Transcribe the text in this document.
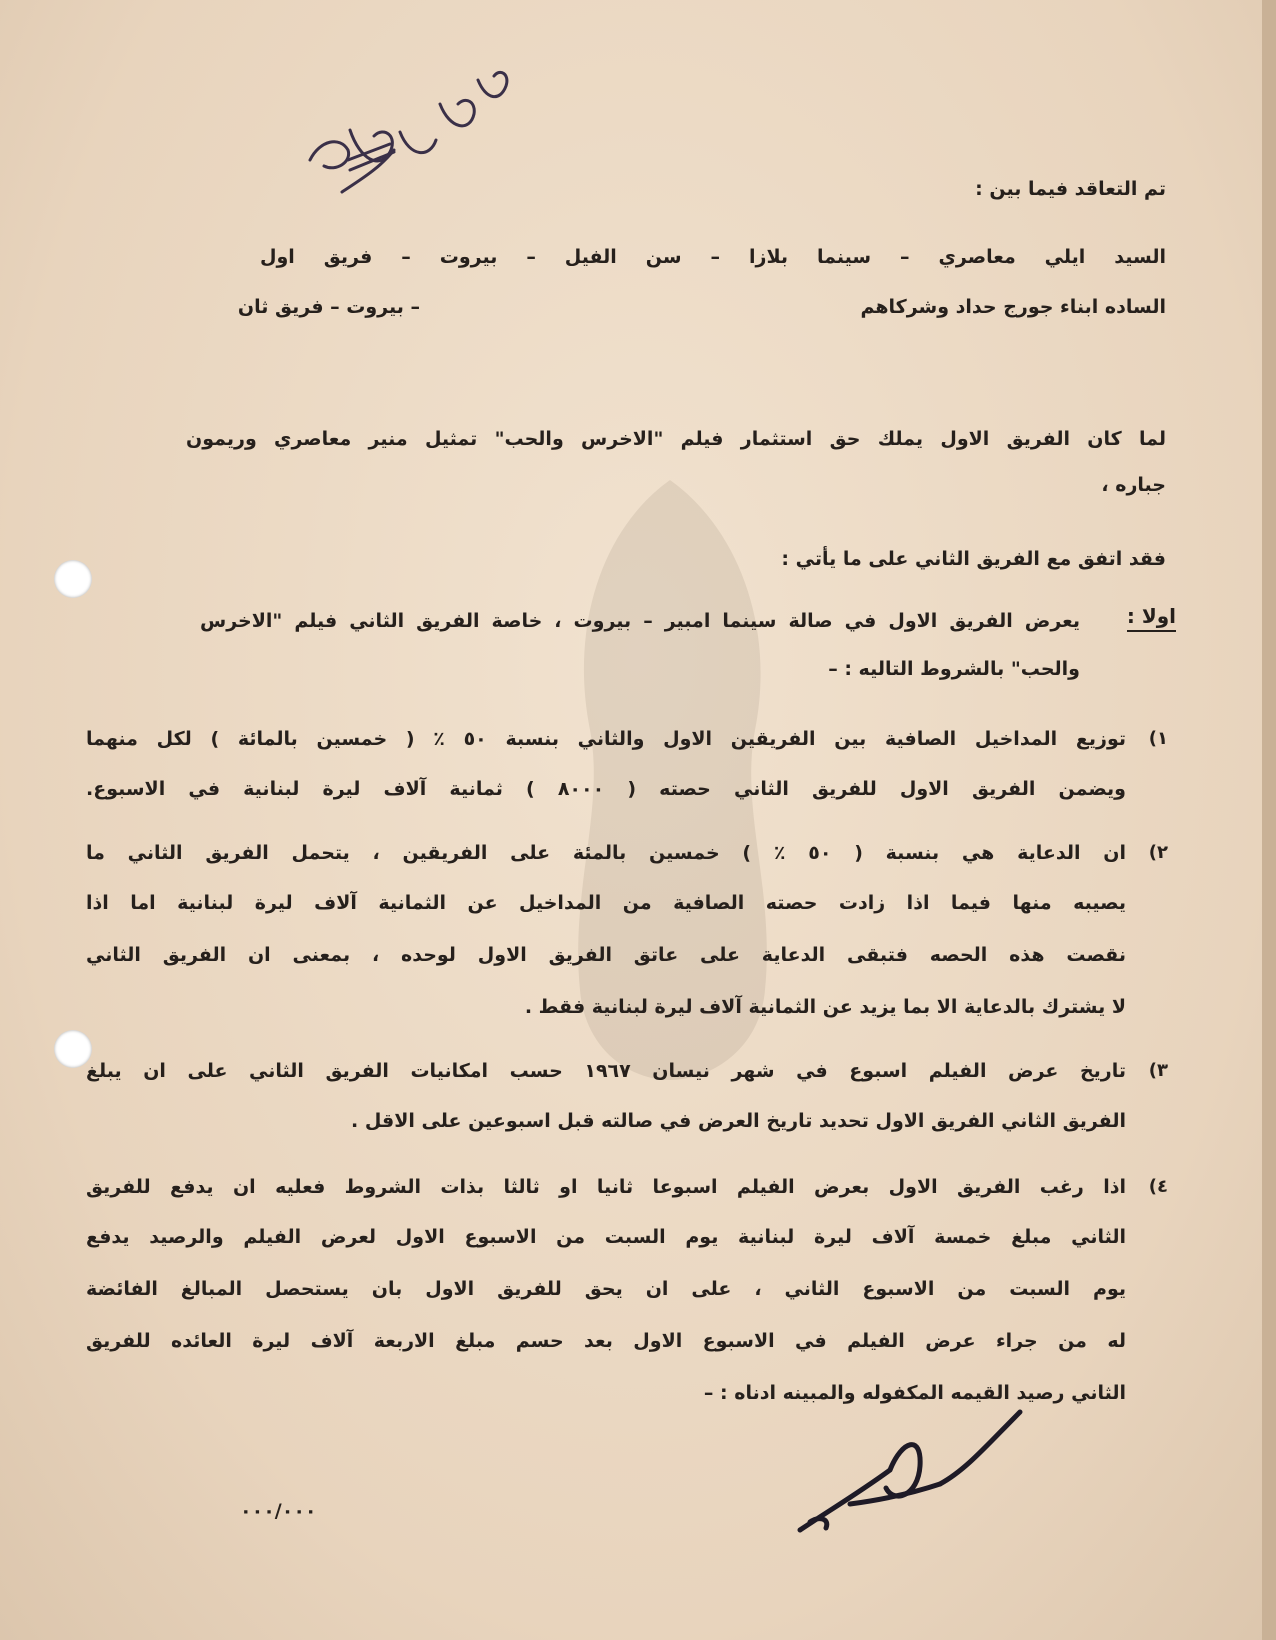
تم التعاقد فيما بين :
السيد ايلي معاصري – سينما بلازا – سن الفيل – بيروت – فريق اول
الساده ابناء جورج حداد وشركاهم
– بيروت – فريق ثان
لما كان الفريق الاول يملك حق استثمار فيلم "الاخرس والحب" تمثيل منير معاصري وريمون
جباره ،
فقد اتفق مع الفريق الثاني على ما يأتي :
اولا :
يعرض الفريق الاول في صالة سينما امبير – بيروت ، خاصة الفريق الثاني فيلم "الاخرس
والحب" بالشروط التاليه : –
١)
توزيع المداخيل الصافية بين الفريقين الاول والثاني بنسبة ٥٠ ٪ ( خمسين بالمائة ) لكل منهما
ويضمن الفريق الاول للفريق الثاني حصته ( ٨٠٠٠ ) ثمانية آلاف ليرة لبنانية في الاسبوع.
٢)
ان الدعاية هي بنسبة ( ٥٠ ٪ ) خمسين بالمئة على الفريقين ، يتحمل الفريق الثاني ما
يصيبه منها فيما اذا زادت حصته الصافية من المداخيل عن الثمانية آلاف ليرة لبنانية اما اذا
نقصت هذه الحصه فتبقى الدعاية على عاتق الفريق الاول لوحده ، بمعنى ان الفريق الثاني
لا يشترك بالدعاية الا بما يزيد عن الثمانية آلاف ليرة لبنانية فقط .
٣)
تاريخ عرض الفيلم اسبوع في شهر نيسان ١٩٦٧ حسب امكانيات الفريق الثاني على ان يبلغ
الفريق الثاني الفريق الاول تحديد تاريخ العرض في صالته قبل اسبوعين على الاقل .
٤)
اذا رغب الفريق الاول بعرض الفيلم اسبوعا ثانيا او ثالثا بذات الشروط فعليه ان يدفع للفريق
الثاني مبلغ خمسة آلاف ليرة لبنانية يوم السبت من الاسبوع الاول لعرض الفيلم والرصيد يدفع
يوم السبت من الاسبوع الثاني ، على ان يحق للفريق الاول بان يستحصل المبالغ الفائضة
له من جراء عرض الفيلم في الاسبوع الاول بعد حسم مبلغ الاربعة آلاف ليرة العائده للفريق
الثاني رصيد القيمه المكفوله والمبينه ادناه : –
٠٠٠/٠٠٠
